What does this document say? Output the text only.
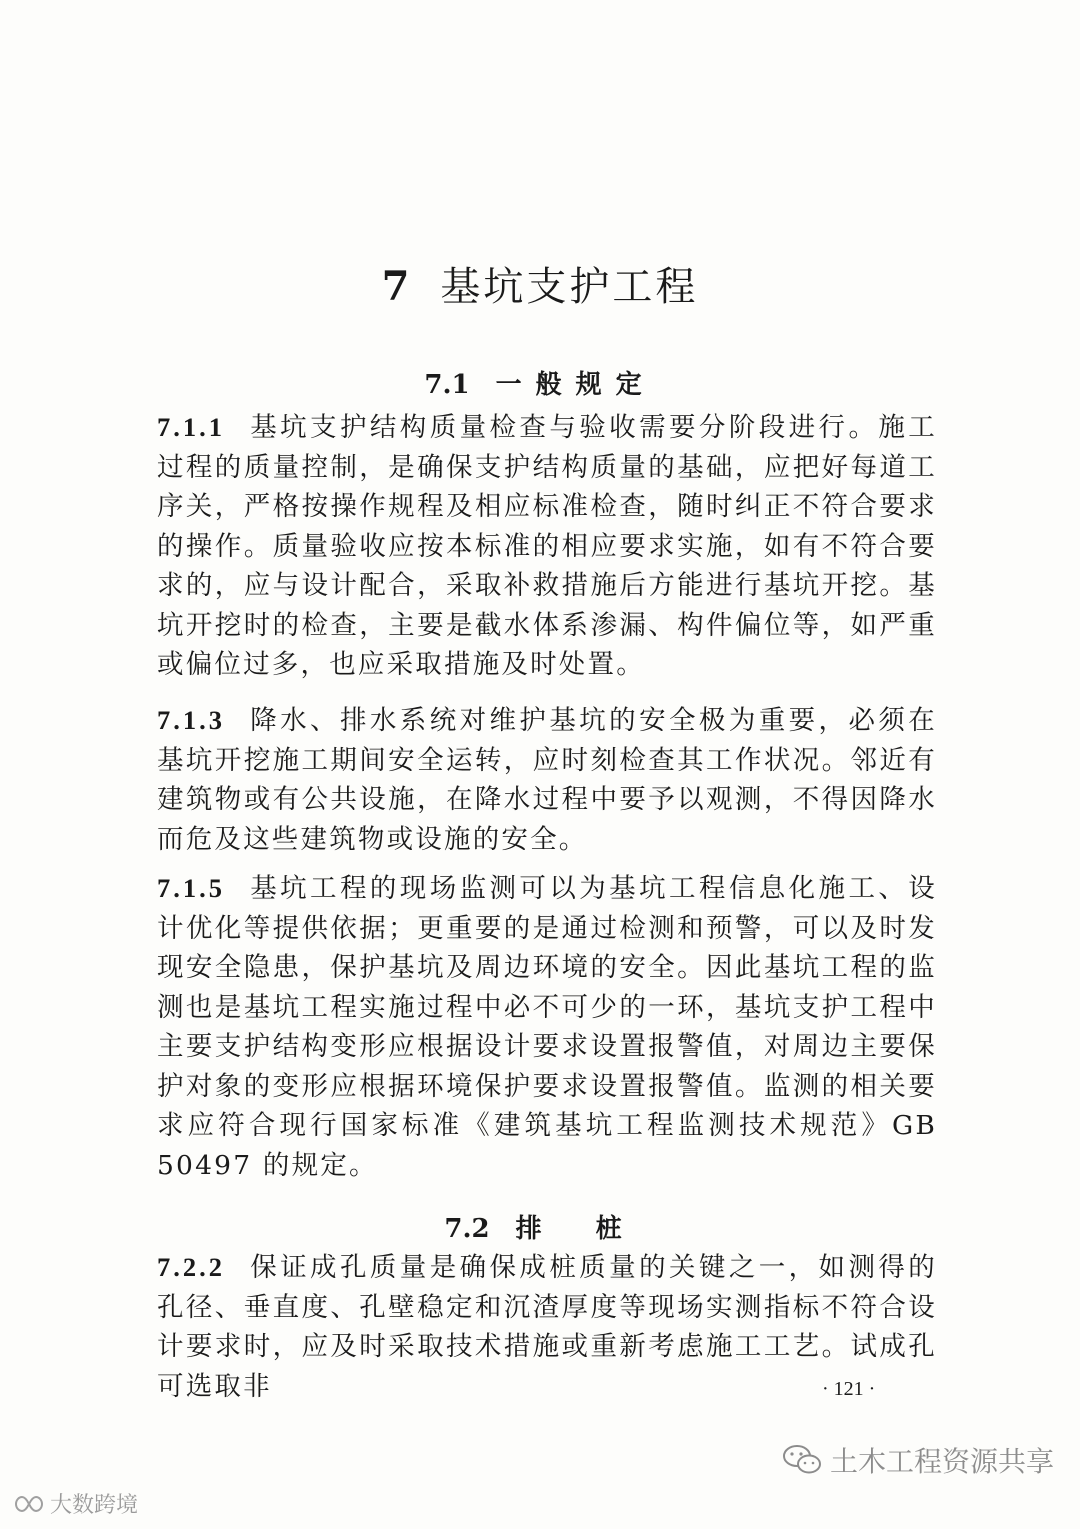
7 基坑支护工程
7.1 一般规定

7.1.1 基坑支护结构质量检查与验收需要分阶段进行。施工过程的质量控制，是确保支护结构质量的基础，应把好每道工序关，严格按操作规程及相应标准检查，随时纠正不符合要求的操作。质量验收应按本标准的相应要求实施，如有不符合要求的，应与设计配合，采取补救措施后方能进行基坑开挖。基坑开挖时的检查，主要是截水体系渗漏、构件偏位等，如严重或偏位过多，也应采取措施及时处置。

7.1.3 降水、排水系统对维护基坑的安全极为重要，必须在基坑开挖施工期间安全运转，应时刻检查其工作状况。邻近有建筑物或有公共设施，在降水过程中要予以观测，不得因降水而危及这些建筑物或设施的安全。

7.1.5 基坑工程的现场监测可以为基坑工程信息化施工、设计优化等提供依据；更重要的是通过检测和预警，可以及时发现安全隐患，保护基坑及周边环境的安全。因此基坑工程的监测也是基坑工程实施过程中必不可少的一环，基坑支护工程中主要支护结构变形应根据设计要求设置报警值，对周边主要保护对象的变形应根据环境保护要求设置报警值。监测的相关要求应符合现行国家标准《建筑基坑工程监测技术规范》GB 50497 的规定。

7.2 排　桩

7.2.2 保证成孔质量是确保成桩质量的关键之一，如测得的孔径、垂直度、孔壁稳定和沉渣厚度等现场实测指标不符合设计要求时，应及时采取技术措施或重新考虑施工工艺。试成孔可选取非	· 121 ·
大数跨境
土木工程资源共享
